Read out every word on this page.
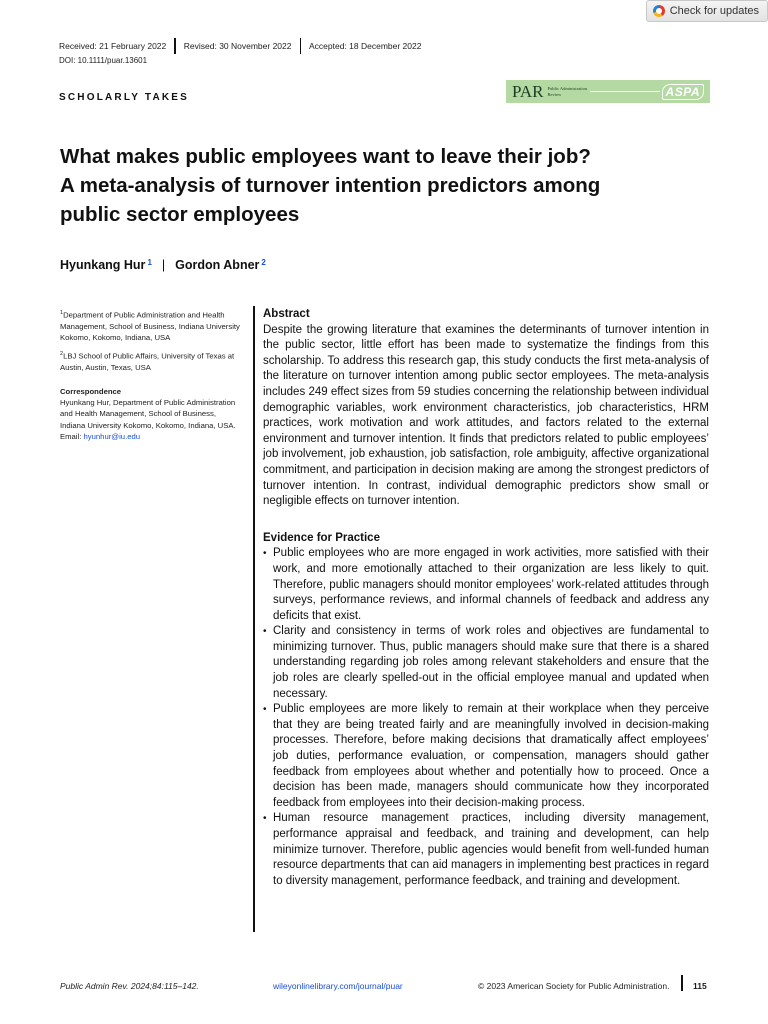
Check for updates
Received: 21 February 2022 Revised: 30 November 2022 Accepted: 18 December 2022
DOI: 10.1111/puar.13601
SCHOLARLY TAKES	PAR Public Administration Review	ASPA
What makes public employees want to leave their job?
A meta-analysis of turnover intention predictors among
public sector employees
Hyunkang Hur $^1$ | Gordon Abner $^2$

$^1$Department of Public Administration and Health Management, School of Business, Indiana University Kokomo, Kokomo, Indiana, USA

$^2$LBJ School of Public Affairs, University of Texas at Austin, Austin, Texas, USA

Correspondence

Hyunkang Hur, Department of Public Administration and Health Management, School of Business, Indiana University Kokomo, Kokomo, Indiana, USA.
Email: hyunhur@iu.edu

Abstract

Despite the growing literature that examines the determinants of turnover intention in the public sector, little effort has been made to systematize the findings from this scholarship. To address this research gap, this study conducts the first meta-analysis of the literature on turnover intention among public sector employees. The meta-analysis includes 249 effect sizes from 59 studies concerning the relationship between individual demographic variables, work environment characteristics, job characteristics, HRM practices, work motivation and work attitudes, and factors related to the external environment and turnover intention. It finds that predictors related to public employees’ job involvement, job exhaustion, job satisfaction, role ambiguity, affective organizational commitment, and participation in decision making are among the strongest predictors of turnover intention. In contrast, individual demographic predictors show small or negligible effects on turnover intention.

Evidence for Practice
• Public employees who are more engaged in work activities, more satisfied with their work, and more emotionally attached to their organization are less likely to quit. Therefore, public managers should monitor employees’ work-related attitudes through surveys, performance reviews, and informal channels of feedback and address any deficits that exist.
• Clarity and consistency in terms of work roles and objectives are fundamental to minimizing turnover. Thus, public managers should make sure that there is a shared understanding regarding job roles among relevant stakeholders and ensure that the job roles are clearly spelled-out in the official employee manual and updated when necessary.
• Public employees are more likely to remain at their workplace when they perceive that they are being treated fairly and are meaningfully involved in decision-making processes. Therefore, before making decisions that dramatically affect employees’ job duties, performance evaluation, or compensation, managers should gather feedback from employees about whether and potentially how to proceed. Once a decision has been made, managers should communicate how they incorporated feedback from employees into their decision-making process.
• Human resource management practices, including diversity management, performance appraisal and feedback, and training and development, can help minimize turnover. Therefore, public agencies would benefit from well-funded human resource departments that can aid managers in implementing best practices in regard to diversity management, performance feedback, and training and development.
Public Admin Rev. 2024;84:115–142.	wileyonlinelibrary.com/journal/puar	© 2023 American Society for Public Administration.	115
